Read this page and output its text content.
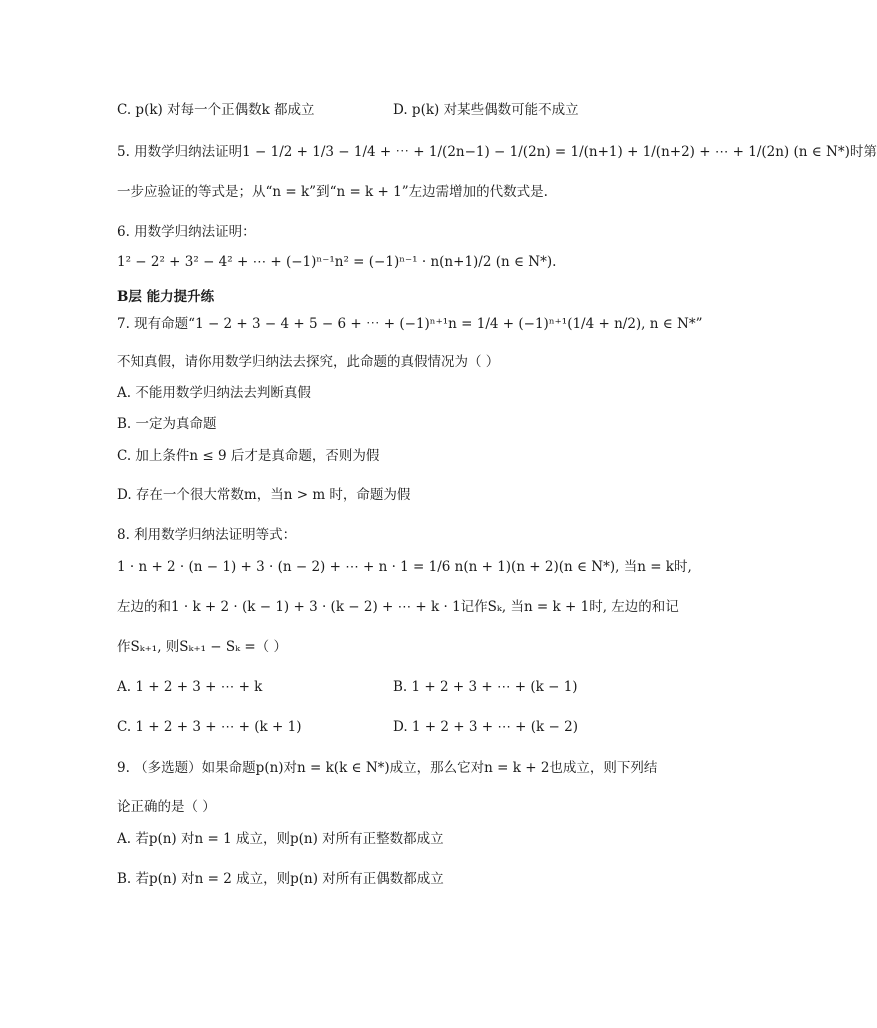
C. p(k) 对每一个正偶数k 都成立	D. p(k) 对某些偶数可能不成立
5. 用数学归纳法证明1 − 1/2 + 1/3 − 1/4 + ⋯ + 1/(2n−1) − 1/(2n) = 1/(n+1) + 1/(n+2) + ⋯ + 1/(2n) (n ∈ N*)时第
一步应验证的等式是；从“n = k”到“n = k + 1”左边需增加的代数式是.
6. 用数学归纳法证明：
1² − 2² + 3² − 4² + ⋯ + (−1)ⁿ⁻¹n² = (−1)ⁿ⁻¹ · n(n+1)/2 (n ∈ N*).
B层 能力提升练
7. 现有命题“1 − 2 + 3 − 4 + 5 − 6 + ⋯ + (−1)ⁿ⁺¹n = 1/4 + (−1)ⁿ⁺¹(1/4 + n/2), n ∈ N*”
不知真假，请你用数学归纳法去探究，此命题的真假情况为（ ）
A. 不能用数学归纳法去判断真假
B. 一定为真命题
C. 加上条件n ≤ 9 后才是真命题，否则为假
D. 存在一个很大常数m，当n > m 时，命题为假
8. 利用数学归纳法证明等式：
1 · n + 2 · (n − 1) + 3 · (n − 2) + ⋯ + n · 1 = 1/6 n(n + 1)(n + 2)(n ∈ N*), 当n = k时,
左边的和1 · k + 2 · (k − 1) + 3 · (k − 2) + ⋯ + k · 1记作Sₖ, 当n = k + 1时, 左边的和记
作Sₖ₊₁, 则Sₖ₊₁ − Sₖ =（ ）
A. 1 + 2 + 3 + ⋯ + k	B. 1 + 2 + 3 + ⋯ + (k − 1)
C. 1 + 2 + 3 + ⋯ + (k + 1)	D. 1 + 2 + 3 + ⋯ + (k − 2)
9. （多选题）如果命题p(n)对n = k(k ∈ N*)成立，那么它对n = k + 2也成立，则下列结
论正确的是（ ）
A. 若p(n) 对n = 1 成立，则p(n) 对所有正整数都成立
B. 若p(n) 对n = 2 成立，则p(n) 对所有正偶数都成立
